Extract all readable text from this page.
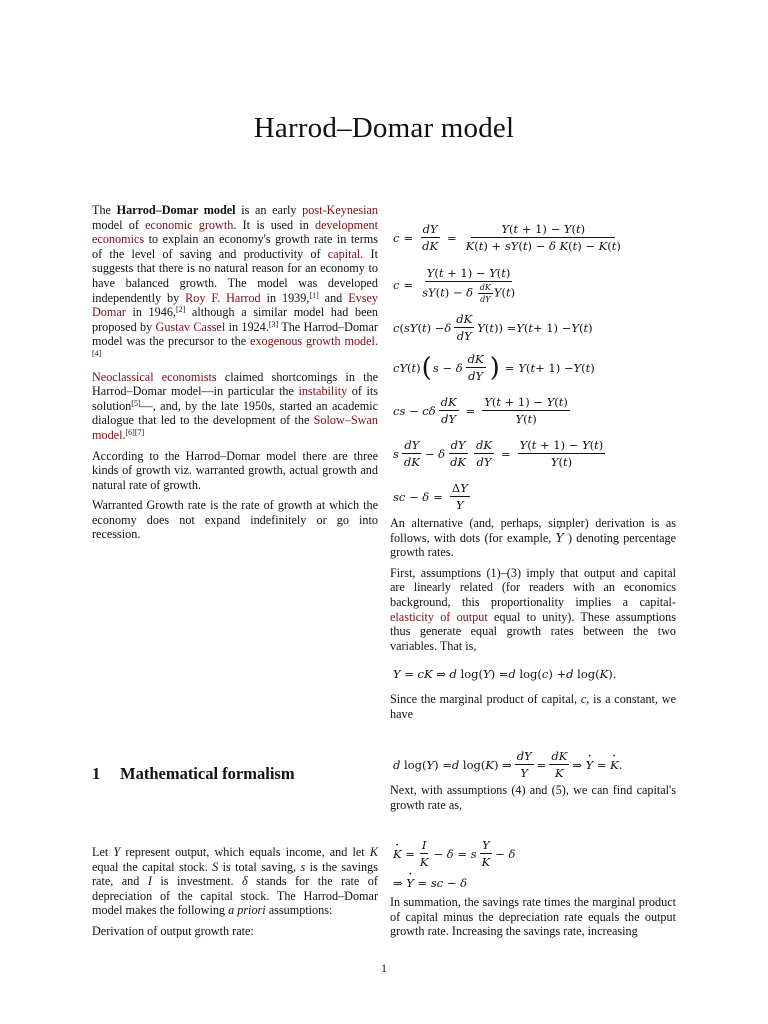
Harrod–Domar model

The Harrod–Domar model is an early post-Keynesian model of economic growth. It is used in development economics to explain an economy's growth rate in terms of the level of saving and productivity of capital. It suggests that there is no natural reason for an economy to have balanced growth. The model was developed independently by Roy F. Harrod in 1939,[1] and Evsey Domar in 1946,[2] although a similar model had been proposed by Gustav Cassel in 1924.[3] The Harrod–Domar model was the precursor to the exogenous growth model.[4]

Neoclassical economists claimed shortcomings in the Harrod–Domar model—in particular the instability of its solution[5]—, and, by the late 1950s, started an academic dialogue that led to the development of the Solow–Swan model.[6][7]

According to the Harrod–Domar model there are three kinds of growth viz. warranted growth, actual growth and natural rate of growth.

Warranted Growth rate is the rate of growth at which the economy does not expand indefinitely or go into recession.

1 Mathematical formalism

Let Y represent output, which equals income, and let K equal the capital stock. S is total saving, s is the savings rate, and I is investment. δ stands for the rate of depreciation of the capital stock. The Harrod–Domar model makes the following a priori assumptions:

Derivation of output growth rate:

$c = \frac{dY}{dK} = \frac{Y(t + 1) - Y(t)}{\text{K(t) + sY(t) − δ K(t) − K(t)}}$
$c = \frac{Y(t + 1) - Y(t)}{sY(t) - \delta \frac{dK}{dY} Y(t)}$
c ( sY ( t ) − δ $\frac{dK}{dY}$ Y ( t )) = Y ( t + 1) − Y ( t )
cY ( t ) ( s − δ $\frac{dK}{dY}$ ) = Y ( t + 1) − Y ( t )
cs − cδ $\frac{dK}{dY} = \frac{Y(t + 1) - Y(t)}{Y(t)}$
s $\frac{dY}{dK} - \delta \frac{dY}{dK} \frac{dK}{dY} = \frac{Y(t + 1) - Y(t)}{Y(t)}$
sc − $\delta = \frac{\Delta Y}{Y}$

An alternative (and, perhaps, simpler) derivation is as follows, with dots (for example, · Y ) denoting percentage growth rates.

First, assumptions (1)–(3) imply that output and capital are linearly related (for readers with an economics background, this proportionality implies a capital-elasticity of output equal to unity). These assumptions thus generate equal growth rates between the two variables. That is,

Y = cK ⇒ d log( Y ) = d log( c ) + d log( K ).

Since the marginal product of capital, c, is a constant, we have

d log( Y ) = d log( K ) ⇒ $\frac{dY}{Y} = \frac{dK}{K}$ ⇒ · Y = · K .

Next, with assumptions (4) and (5), we can find capital's growth rate as,

· $K = \frac{I}{K} - \delta = s \frac{Y}{K} - \delta$
⇒ · Y = sc − δ

In summation, the savings rate times the marginal product of capital minus the depreciation rate equals the output growth rate. Increasing the savings rate, increasing

1
